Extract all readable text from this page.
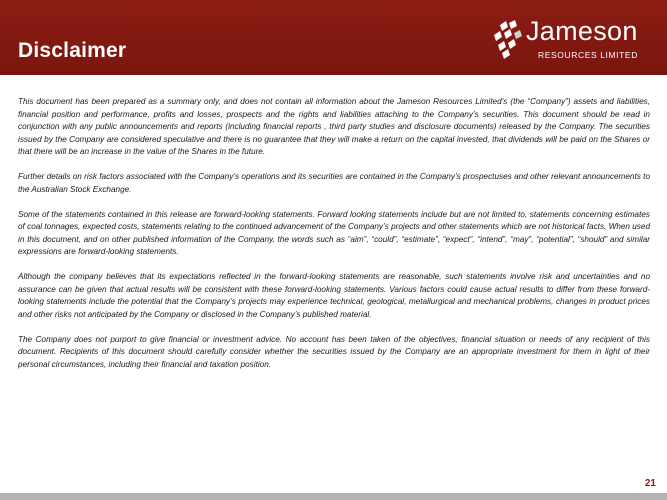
Disclaimer
Jameson
RESOURCES LIMITED

This document has been prepared as a summary only, and does not contain all information about the Jameson Resources Limited’s (the “Company”) assets and liabilities, financial position and performance, profits and losses, prospects and the rights and liabilities attaching to the Company’s securities. This document should be read in conjunction with any public announcements and reports (including financial reports , third party studies and disclosure documents) released by the Company. The securities issued by the Company are considered speculative and there is no guarantee that they will make a return on the capital invested, that dividends will be paid on the Shares or that there will be an increase in the value of the Shares in the future.

Further details on risk factors associated with the Company’s operations and its securities are contained in the Company’s prospectuses and other relevant announcements to the Australian Stock Exchange.

Some of the statements contained in this release are forward-looking statements. Forward looking statements include but are not limited to, statements concerning estimates of coal tonnages, expected costs, statements relating to the continued advancement of the Company’s projects and other statements which are not historical facts. When used in this document, and on other published information of the Company, the words such as “aim”, “could”, “estimate”, “expect”, “intend”, “may”, “potential”, “should” and similar expressions are forward-looking statements.

Although the company believes that its expectations reflected in the forward-looking statements are reasonable, such statements involve risk and uncertainties and no assurance can be given that actual results will be consistent with these forward-looking statements. Various factors could cause actual results to differ from these forward-looking statements include the potential that the Company’s projects may experience technical, geological, metallurgical and mechanical problems, changes in product prices and other risks not anticipated by the Company or disclosed in the Company’s published material.

The Company does not purport to give financial or investment advice. No account has been taken of the objectives, financial situation or needs of any recipient of this document. Recipients of this document should carefully consider whether the securities issued by the Company are an appropriate investment for them in light of their personal circumstances, including their financial and taxation position.

21
